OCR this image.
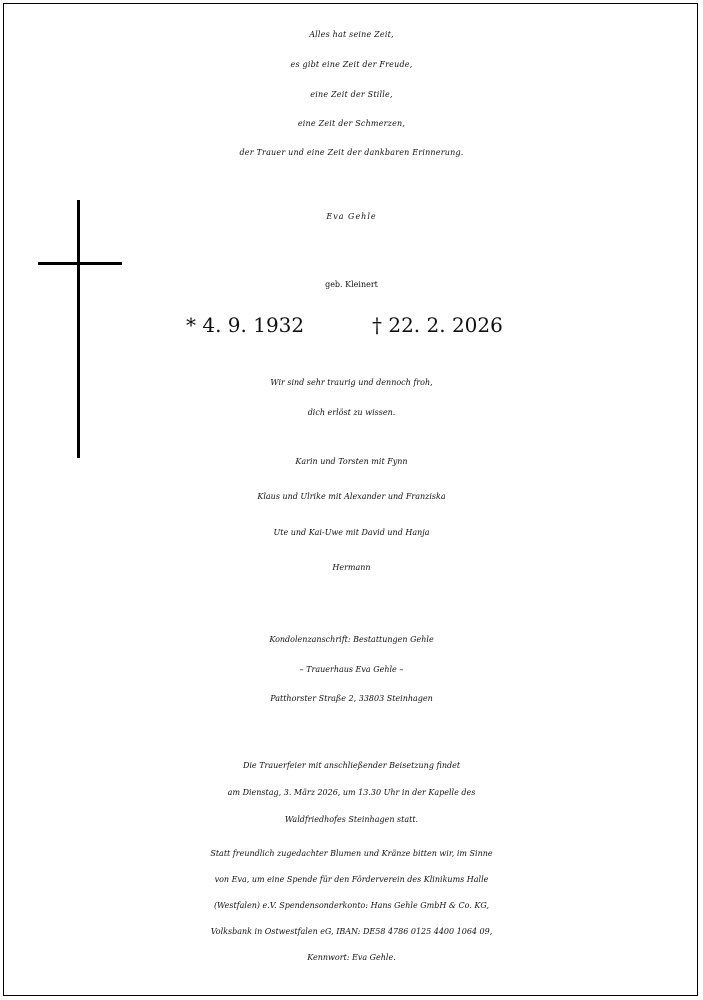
Alles hat seine Zeit,
es gibt eine Zeit der Freude,
eine Zeit der Stille,
eine Zeit der Schmerzen,
der Trauer und eine Zeit der dankbaren Erinnerung.
Eva Gehle
geb. Kleinert
* 4. 9. 1932	† 22. 2. 2026
Wir sind sehr traurig und dennoch froh,
dich erlöst zu wissen.
Karin und Torsten mit Fynn
Klaus und Ulrike mit Alexander und Franziska
Ute und Kai-Uwe mit David und Hanja
Hermann
Kondolenzanschrift: Bestattungen Gehle
– Trauerhaus Eva Gehle –
Patthorster Straße 2, 33803 Steinhagen
Die Trauerfeier mit anschließender Beisetzung findet
am Dienstag, 3. März 2026, um 13.30 Uhr in der Kapelle des
Waldfriedhofes Steinhagen statt.
Statt freundlich zugedachter Blumen und Kränze bitten wir, im Sinne
von Eva, um eine Spende für den Förderverein des Klinikums Halle
(Westfalen) e.V. Spendensonderkonto: Hans Gehle GmbH & Co. KG,
Volksbank in Ostwestfalen eG, IBAN: DE58 4786 0125 4400 1064 09,
Kennwort: Eva Gehle.
